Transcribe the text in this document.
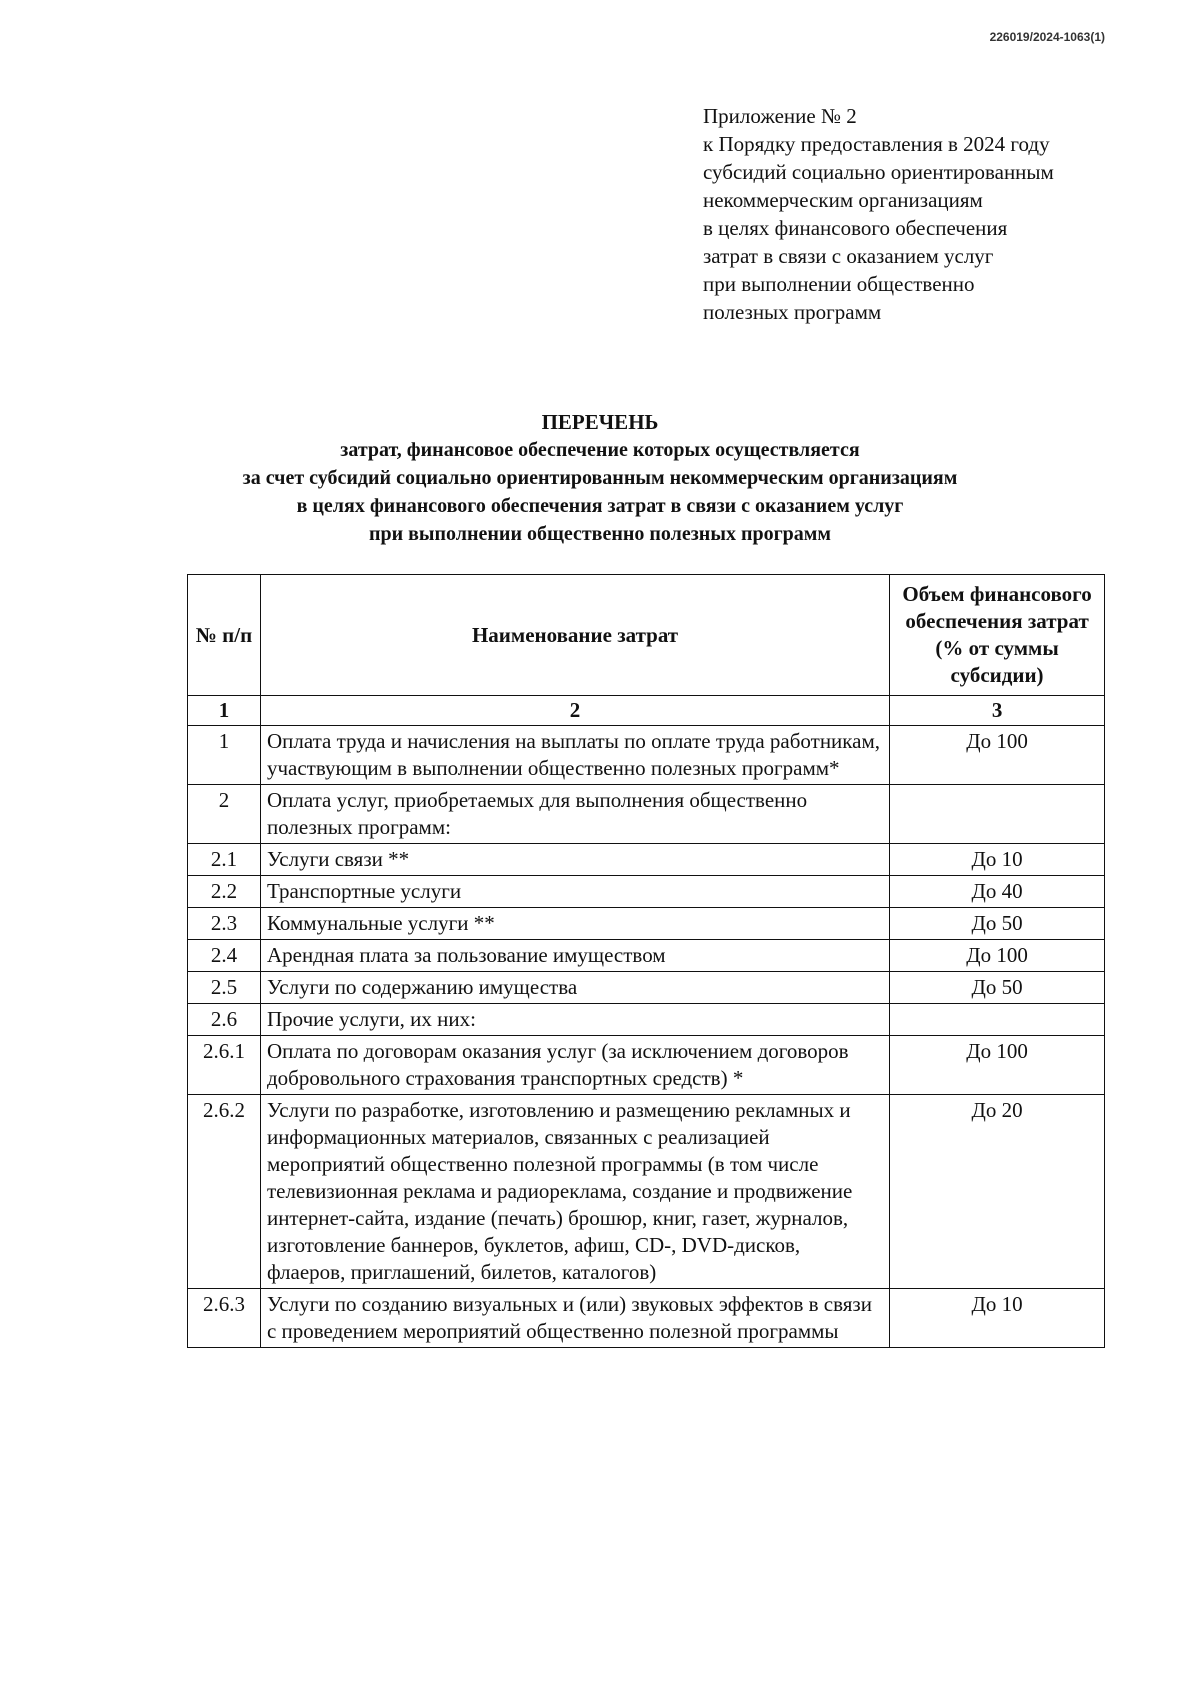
226019/2024-1063(1)
Приложение № 2
к Порядку предоставления в 2024 году
субсидий социально ориентированным
некоммерческим организациям
в целях финансового обеспечения
затрат в связи с оказанием услуг
при выполнении общественно
полезных программ
ПЕРЕЧЕНЬ
затрат, финансовое обеспечение которых осуществляется
за счет субсидий социально ориентированным некоммерческим организациям
в целях финансового обеспечения затрат в связи с оказанием услуг
при выполнении общественно полезных программ
№ п/п	Наименование затрат	Объем финансового обеспечения затрат (% от суммы субсидии)
1	2	3
1	Оплата труда и начисления на выплаты по оплате труда работникам, участвующим в выполнении общественно полезных программ*	До 100
2	Оплата услуг, приобретаемых для выполнения общественно полезных программ:	
2.1	Услуги связи **	До 10
2.2	Транспортные услуги	До 40
2.3	Коммунальные услуги **	До 50
2.4	Арендная плата за пользование имуществом	До 100
2.5	Услуги по содержанию имущества	До 50
2.6	Прочие услуги, их них:	
2.6.1	Оплата по договорам оказания услуг (за исключением договоров добровольного страхования транспортных средств) *	До 100
2.6.2	Услуги по разработке, изготовлению и размещению рекламных и информационных материалов, связанных с реализацией мероприятий общественно полезной программы (в том числе телевизионная реклама и радиореклама, создание и продвижение интернет-сайта, издание (печать) брошюр, книг, газет, журналов, изготовление баннеров, буклетов, афиш, CD-, DVD-дисков, флаеров, приглашений, билетов, каталогов)	До 20
2.6.3	Услуги по созданию визуальных и (или) звуковых эффектов в связи с проведением мероприятий общественно полезной программы	До 10
